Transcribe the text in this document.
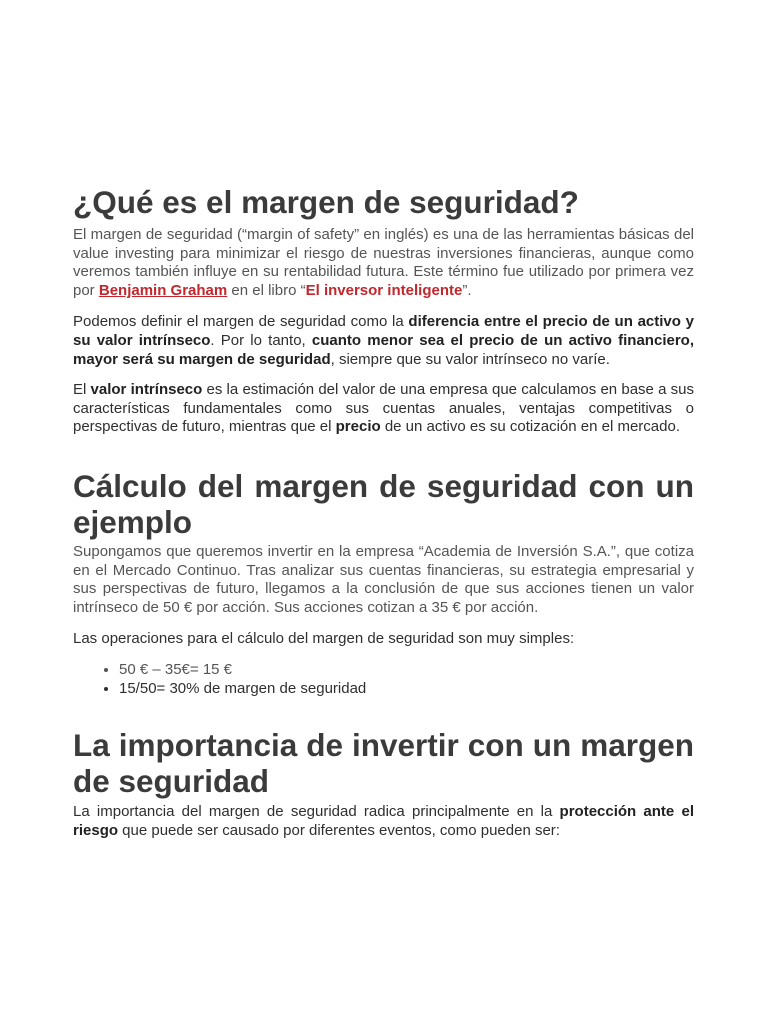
¿Qué es el margen de seguridad?

El margen de seguridad (“margin of safety” en inglés) es una de las herramientas básicas del value investing para minimizar el riesgo de nuestras inversiones financieras, aunque como veremos también influye en su rentabilidad futura. Este término fue utilizado por primera vez por Benjamin Graham en el libro “El inversor inteligente”.

Podemos definir el margen de seguridad como la diferencia entre el precio de un activo y su valor intrínseco. Por lo tanto, cuanto menor sea el precio de un activo financiero, mayor será su margen de seguridad, siempre que su valor intrínseco no varíe.

El valor intrínseco es la estimación del valor de una empresa que calculamos en base a sus características fundamentales como sus cuentas anuales, ventajas competitivas o perspectivas de futuro, mientras que el precio de un activo es su cotización en el mercado.

Cálculo del margen de seguridad con un ejemplo

Supongamos que queremos invertir en la empresa “Academia de Inversión S.A.”, que cotiza en el Mercado Continuo. Tras analizar sus cuentas financieras, su estrategia empresarial y sus perspectivas de futuro, llegamos a la conclusión de que sus acciones tienen un valor intrínseco de 50 € por acción. Sus acciones cotizan a 35 € por acción.

Las operaciones para el cálculo del margen de seguridad son muy simples:

• 50 € – 35€= 15 €
• 15/50= 30% de margen de seguridad
La importancia de invertir con un margen de seguridad

La importancia del margen de seguridad radica principalmente en la protección ante el riesgo que puede ser causado por diferentes eventos, como pueden ser:
